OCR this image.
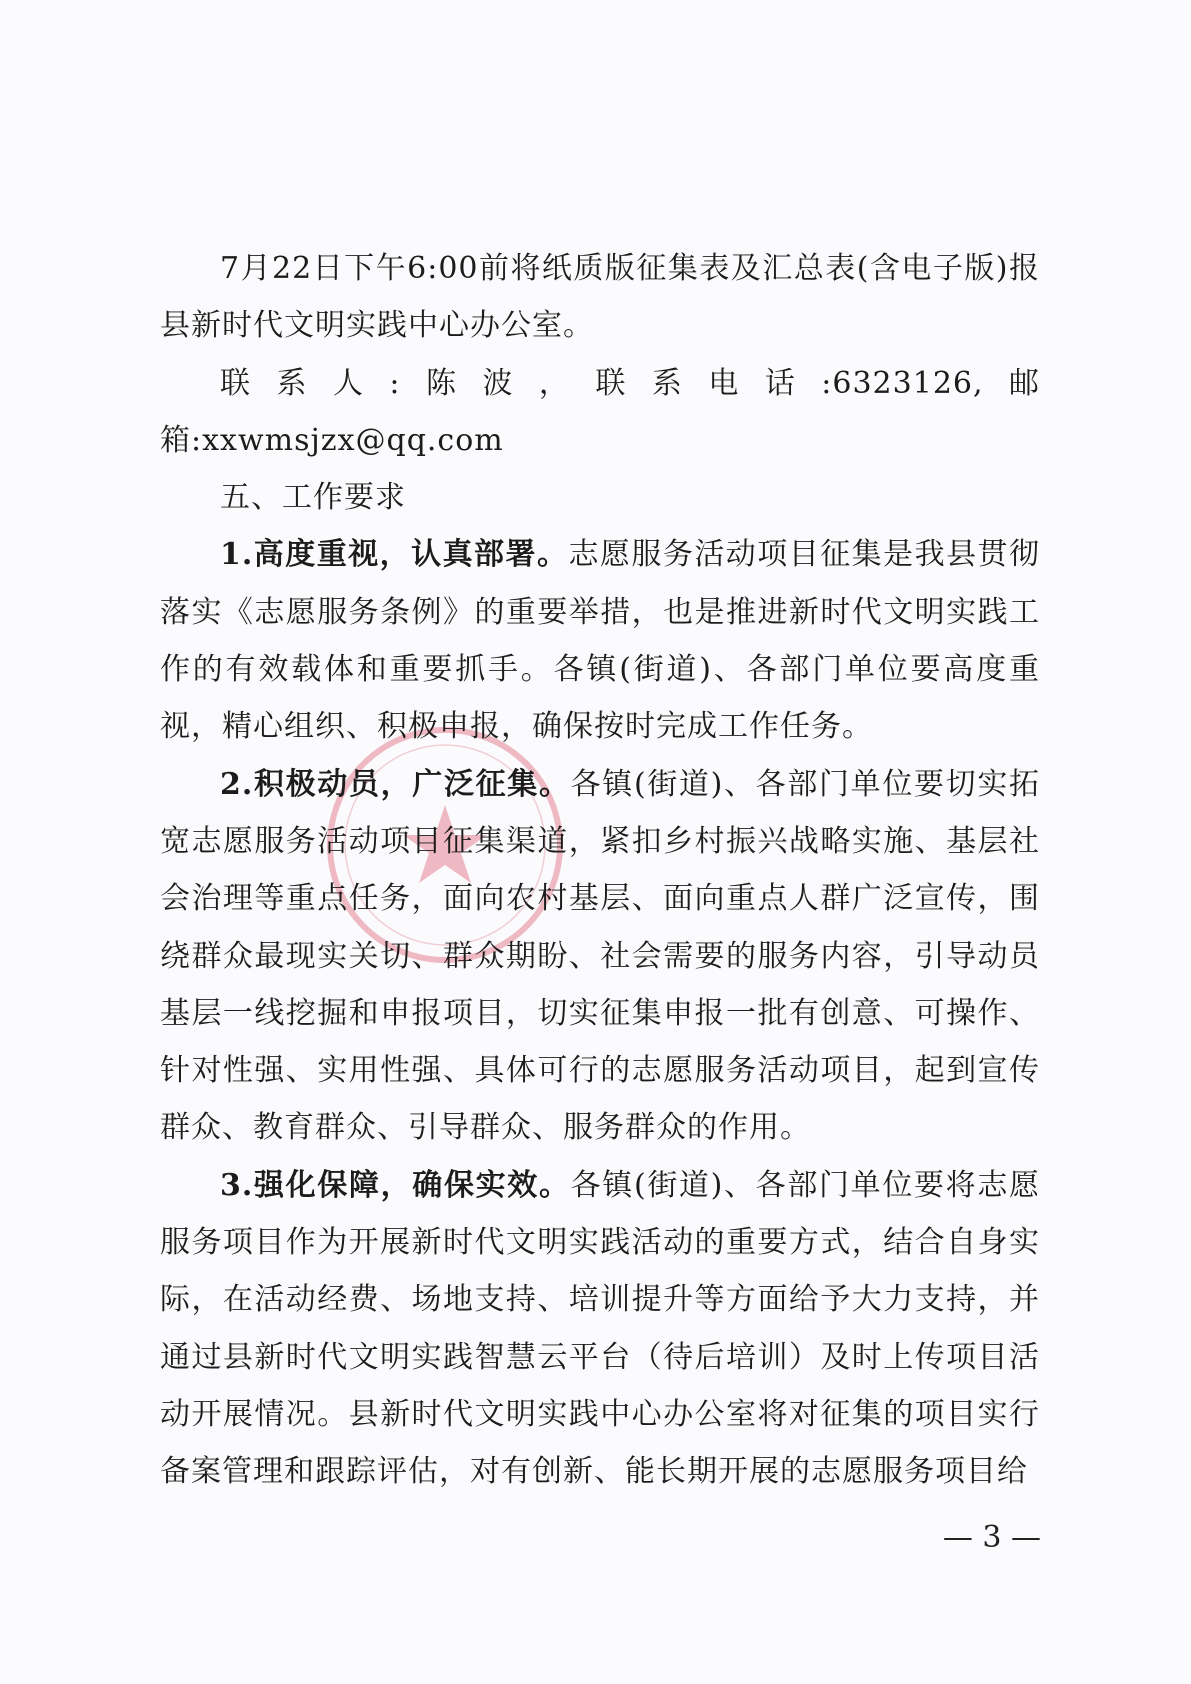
7月22日下午6:00前将纸质版征集表及汇总表(含电子版)报县新时代文明实践中心办公室。

联系人:陈波，联系电话:6323126,邮箱:xxwmsjzx@qq.com

五、工作要求

1.高度重视，认真部署。志愿服务活动项目征集是我县贯彻落实《志愿服务条例》的重要举措，也是推进新时代文明实践工作的有效载体和重要抓手。各镇(街道)、各部门单位要高度重视，精心组织、积极申报，确保按时完成工作任务。

2.积极动员，广泛征集。各镇(街道)、各部门单位要切实拓宽志愿服务活动项目征集渠道，紧扣乡村振兴战略实施、基层社会治理等重点任务，面向农村基层、面向重点人群广泛宣传，围绕群众最现实关切、群众期盼、社会需要的服务内容，引导动员基层一线挖掘和申报项目，切实征集申报一批有创意、可操作、针对性强、实用性强、具体可行的志愿服务活动项目，起到宣传群众、教育群众、引导群众、服务群众的作用。

3.强化保障，确保实效。各镇(街道)、各部门单位要将志愿服务项目作为开展新时代文明实践活动的重要方式，结合自身实际，在活动经费、场地支持、培训提升等方面给予大力支持，并通过县新时代文明实践智慧云平台（待后培训）及时上传项目活动开展情况。县新时代文明实践中心办公室将对征集的项目实行备案管理和跟踪评估，对有创新、能长期开展的志愿服务项目给

— 3 —
